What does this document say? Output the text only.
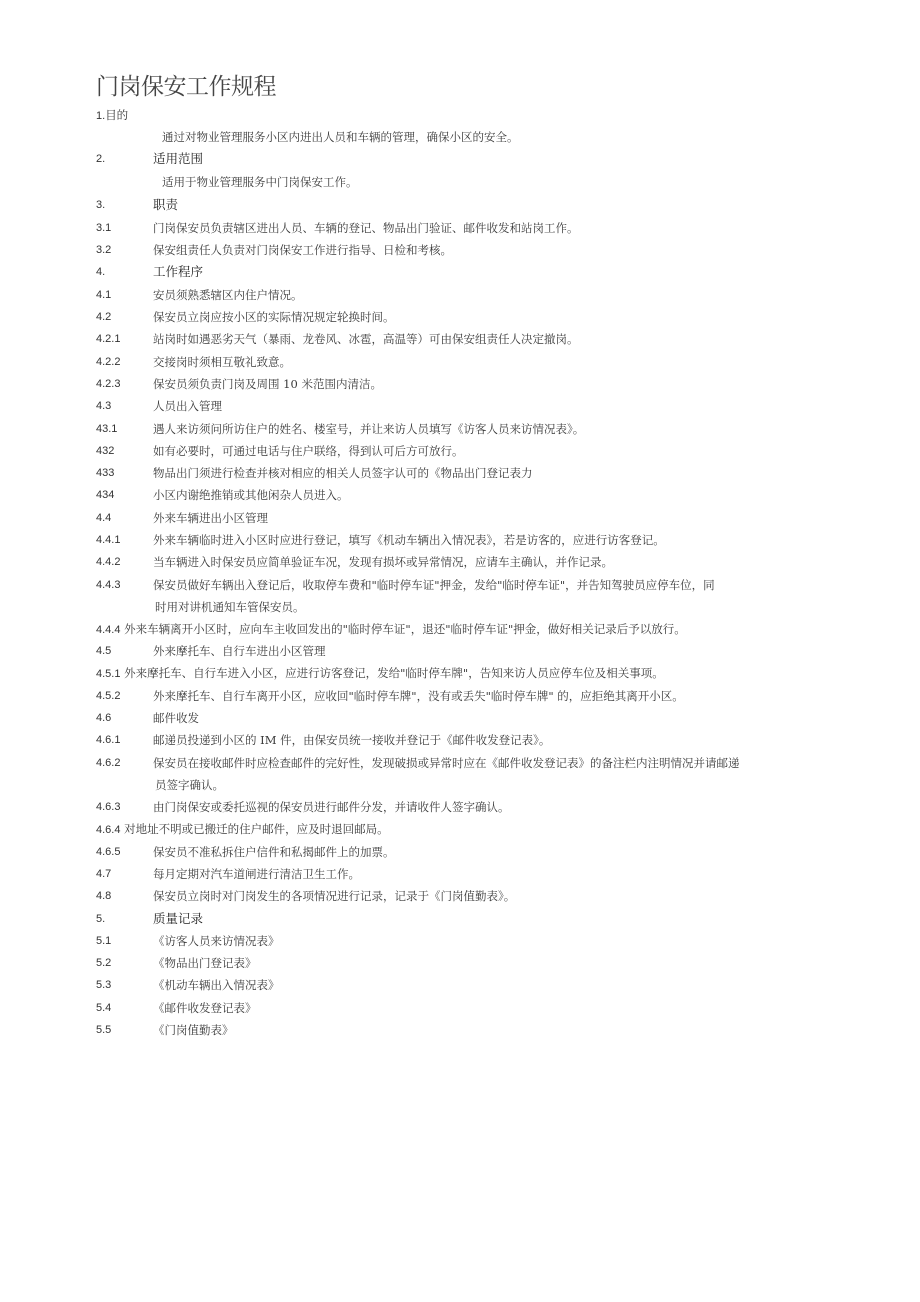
门岗保安工作规程
1.目的
通过对物业管理服务小区内进出人员和车辆的管理，确保小区的安全。
2.	适用范围
适用于物业管理服务中门岗保安工作。
3.	职责
3.1	门岗保安员负责辖区进出人员、车辆的登记、物品出门验证、邮件收发和站岗工作。
3.2	保安组责任人负责对门岗保安工作进行指导、日检和考核。
4.	工作程序
4.1	安员须熟悉辖区内住户情况。
4.2	保安员立岗应按小区的实际情况规定轮换时间。
4.2.1	站岗时如遇恶劣天气（暴雨、龙卷风、冰雹，高温等）可由保安组责任人决定撤岗。
4.2.2	交接岗时须相互敬礼致意。
4.2.3	保安员须负责门岗及周围 10 米范围内清洁。
4.3	人员出入管理
43.1	遇人来访须问所访住户的姓名、楼室号，并让来访人员填写《访客人员来访情况表》。
432	如有必要时，可通过电话与住户联络，得到认可后方可放行。
433	物品出门须进行检查并核对相应的相关人员签字认可的《物品出门登记表力
434	小区内谢绝推销或其他闲杂人员进入。
4.4	外来车辆进出小区管理
4.4.1	外来车辆临时进入小区时应进行登记，填写《机动车辆出入情况表》，若是访客的，应进行访客登记。
4.4.2	当车辆进入时保安员应简单验证车况，发现有损坏或异常情况，应请车主确认，并作记录。
4.4.3	保安员做好车辆出入登记后，收取停车费和"临时停车证"押金，发给"临时停车证"，并告知驾驶员应停车位，同
时用对讲机通知车管保安员。
4.4.4 外来车辆离开小区时，应向车主收回发出的"临时停车证"，退还"临时停车证"押金，做好相关记录后予以放行。
4.5	外来摩托车、自行车进出小区管理
4.5.1 外来摩托车、自行车进入小区，应进行访客登记，发给"临时停车牌"，告知来访人员应停车位及相关事项。
4.5.2	外来摩托车、自行车离开小区，应收回"临时停车牌"，没有或丢失"临时停车牌" 的，应拒绝其离开小区。
4.6	邮件收发
4.6.1	邮递员投递到小区的 IM 件，由保安员统一接收并登记于《邮件收发登记表》。
4.6.2	保安员在接收邮件时应检查邮件的完好性，发现破损或异常时应在《邮件收发登记表》的备注栏内注明情况并请邮递
员签字确认。
4.6.3	由门岗保安或委托巡视的保安员进行邮件分发，并请收件人签字确认。
4.6.4 对地址不明或已搬迁的住户邮件，应及时退回邮局。
4.6.5	保安员不准私拆住户信件和私揭邮件上的加票。
4.7	每月定期对汽车道闸进行清洁卫生工作。
4.8	保安员立岗时对门岗发生的各项情况进行记录，记录于《门岗值勤表》。
5.	质量记录
5.1	《访客人员来访情况表》
5.2	《物品出门登记表》
5.3	《机动车辆出入情况表》
5.4	《邮件收发登记表》
5.5	《门岗值勤表》
